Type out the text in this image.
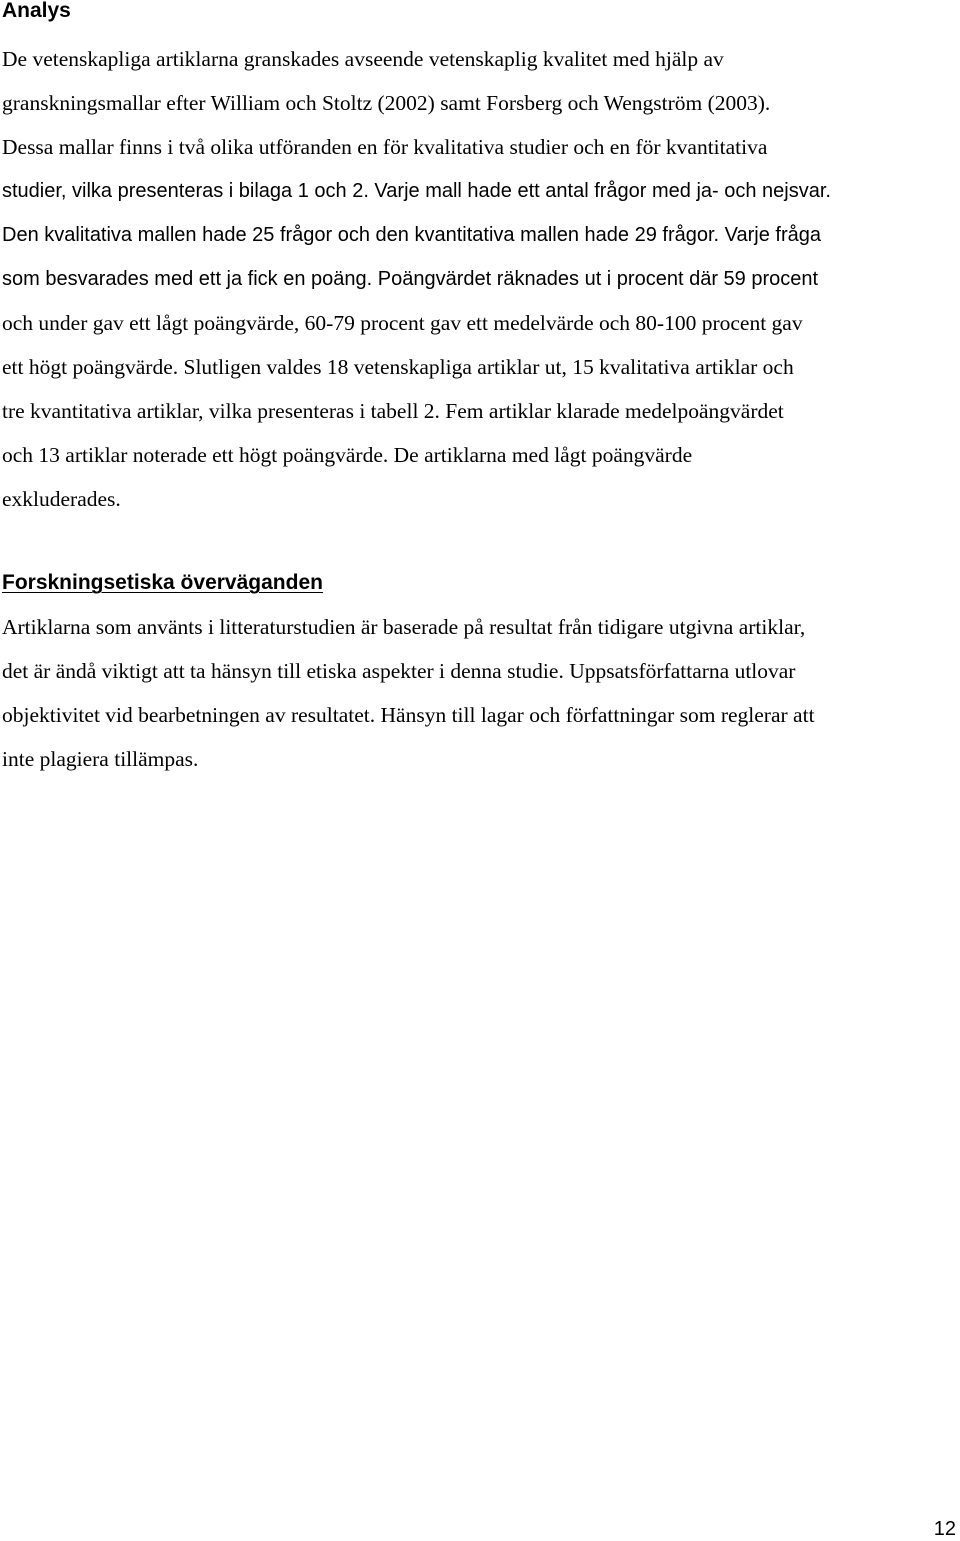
Analys

De vetenskapliga artiklarna granskades avseende vetenskaplig kvalitet med hjälp av
granskningsmallar efter William och Stoltz (2002) samt Forsberg och Wengström (2003).
Dessa mallar finns i två olika utföranden en för kvalitativa studier och en för kvantitativa
studier, vilka presenteras i bilaga 1 och 2. Varje mall hade ett antal frågor med ja- och nejsvar.
Den kvalitativa mallen hade 25 frågor och den kvantitativa mallen hade 29 frågor. Varje fråga
som besvarades med ett ja fick en poäng. Poängvärdet räknades ut i procent där 59 procent
och under gav ett lågt poängvärde, 60-79 procent gav ett medelvärde och 80-100 procent gav
ett högt poängvärde. Slutligen valdes 18 vetenskapliga artiklar ut, 15 kvalitativa artiklar och
tre kvantitativa artiklar, vilka presenteras i tabell 2. Fem artiklar klarade medelpoängvärdet
och 13 artiklar noterade ett högt poängvärde. De artiklarna med lågt poängvärde
exkluderades.

Forskningsetiska överväganden

Artiklarna som använts i litteraturstudien är baserade på resultat från tidigare utgivna artiklar,
det är ändå viktigt att ta hänsyn till etiska aspekter i denna studie. Uppsatsförfattarna utlovar
objektivitet vid bearbetningen av resultatet. Hänsyn till lagar och författningar som reglerar att
inte plagiera tillämpas.

12
